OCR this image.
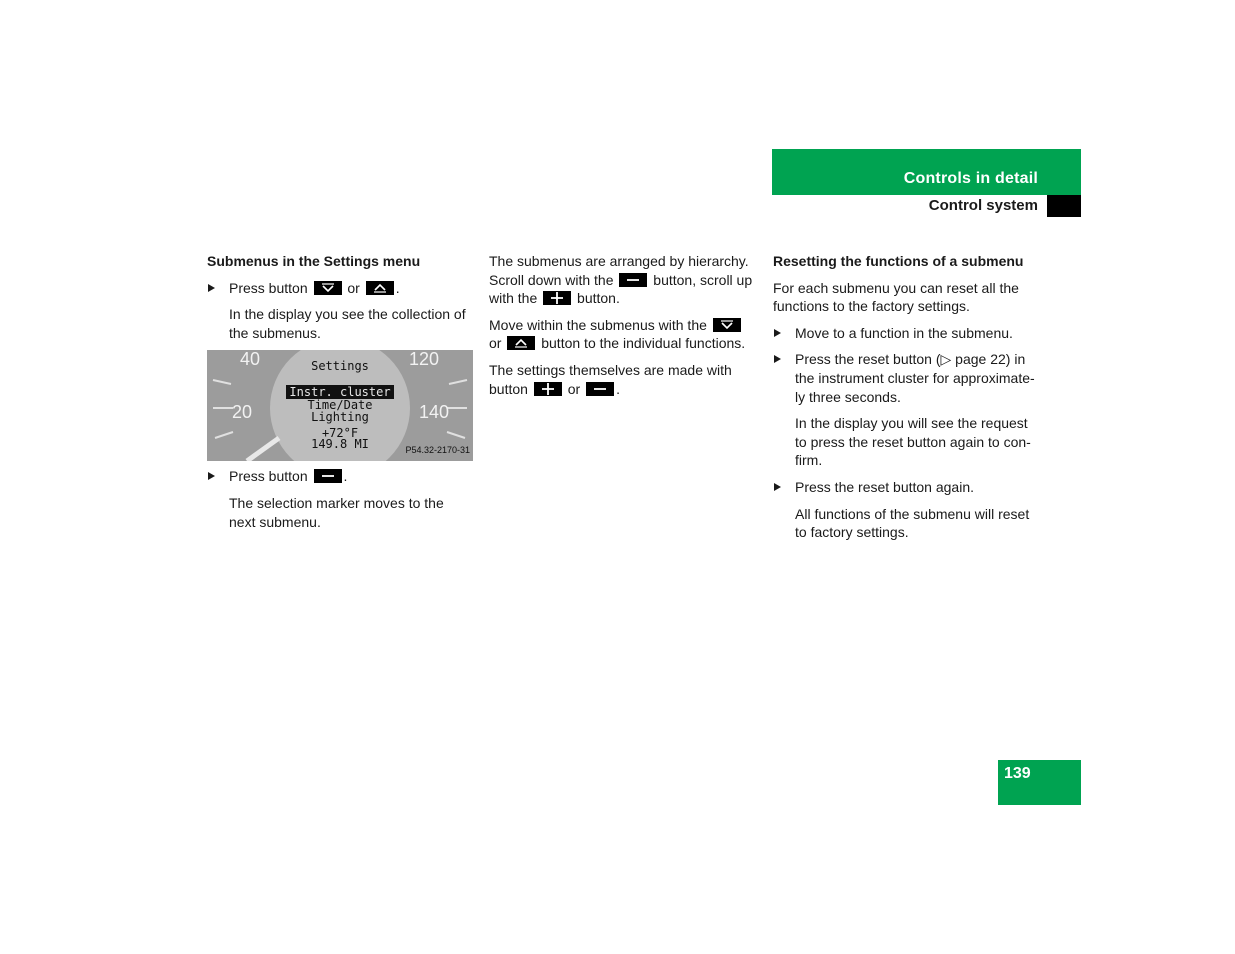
Controls in detail
Control system
Submenus in the Settings menu
Press button	or	.

In the display you see the collection of the submenus.

40
20
120
140
Settings
Instr. cluster
Time/Date
Lighting
+72°F
149.8 MI	P54.32-2170-31
Press button	.

The selection marker moves to the next submenu.

The submenus are arranged by hierarchy. Scroll down with the	button, scroll up with the	button.

Move within the submenus with the
or	button to the individual functions.

The settings themselves are made with button	or	.

Resetting the functions of a submenu

For each submenu you can reset all the functions to the factory settings.

Move to a function in the submenu.
Press the reset button (▷ page 22) in the instrument cluster for approximate-ly three seconds.

In the display you will see the request to press the reset button again to con-firm.

Press the reset button again.

All functions of the submenu will reset to factory settings.

139
